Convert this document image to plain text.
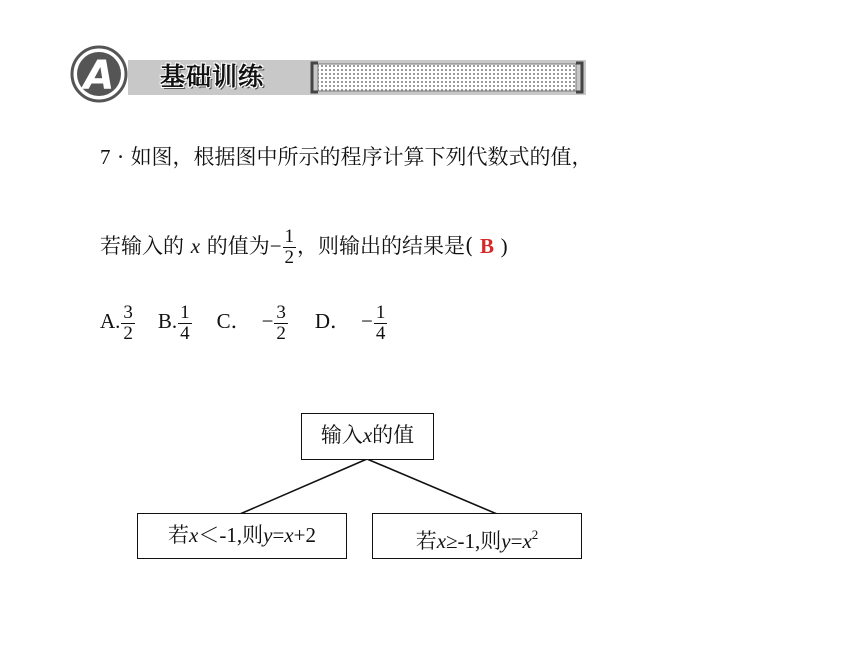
A 基础训练
7 · 如图，根据图中所示的程序计算下列代数式的值，
若输入的 x 的值为− $\frac{1}{2}$ ，则输出的结果是( B )
A. $\frac{3}{2} B$. $\frac{1}{4}$ C． − $\frac{3}{2}$ D． − $\frac{1}{4}$
输入x的值
若x＜-1,则y=x+2	若x≥-1,则$y=x^2$
